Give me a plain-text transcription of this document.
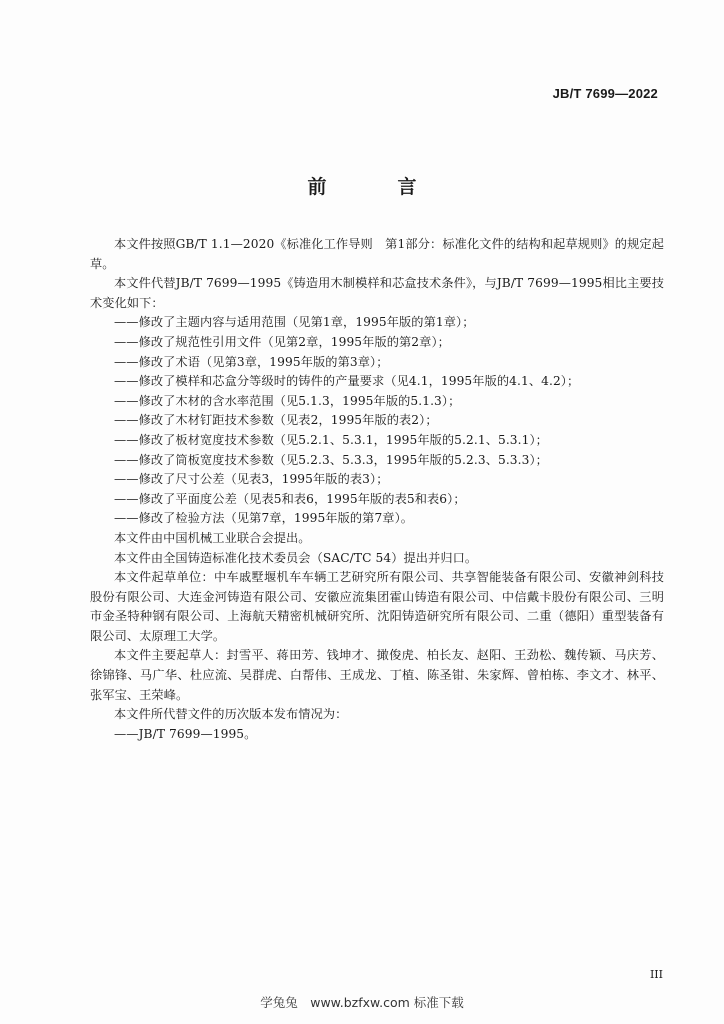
JB/T 7699—2022
前　言

本文件按照GB/T 1.1—2020《标准化工作导则　第1部分：标准化文件的结构和起草规则》的规定起草。

本文件代替JB/T 7699—1995《铸造用木制模样和芯盒技术条件》，与JB/T 7699—1995相比主要技术变化如下：

——修改了主题内容与适用范围（见第1章，1995年版的第1章）；

——修改了规范性引用文件（见第2章，1995年版的第2章）；

——修改了术语（见第3章，1995年版的第3章）；

——修改了模样和芯盒分等级时的铸件的产量要求（见4.1，1995年版的4.1、4.2）；

——修改了木材的含水率范围（见5.1.3，1995年版的5.1.3）；

——修改了木材钉距技术参数（见表2，1995年版的表2）；

——修改了板材宽度技术参数（见5.2.1、5.3.1，1995年版的5.2.1、5.3.1）；

——修改了筒板宽度技术参数（见5.2.3、5.3.3，1995年版的5.2.3、5.3.3）；

——修改了尺寸公差（见表3，1995年版的表3）；

——修改了平面度公差（见表5和表6，1995年版的表5和表6）；

——修改了检验方法（见第7章，1995年版的第7章）。

本文件由中国机械工业联合会提出。

本文件由全国铸造标准化技术委员会（SAC/TC 54）提出并归口。

本文件起草单位：中车戚墅堰机车车辆工艺研究所有限公司、共享智能装备有限公司、安徽神剑科技股份有限公司、大连金河铸造有限公司、安徽应流集团霍山铸造有限公司、中信戴卡股份有限公司、三明市金圣特种钢有限公司、上海航天精密机械研究所、沈阳铸造研究所有限公司、二重（德阳）重型装备有限公司、太原理工大学。

本文件主要起草人：封雪平、蒋田芳、钱坤才、撖俊虎、柏长友、赵阳、王劲松、魏传颖、马庆芳、徐锦锋、马广华、杜应流、吴群虎、白帮伟、王成龙、丁植、陈圣钳、朱家辉、曾柏栋、李文才、林平、张军宝、王荣峰。

本文件所代替文件的历次版本发布情况为：

——JB/T 7699—1995。

III
学兔兔　www.bzfxw.com 标准下载
